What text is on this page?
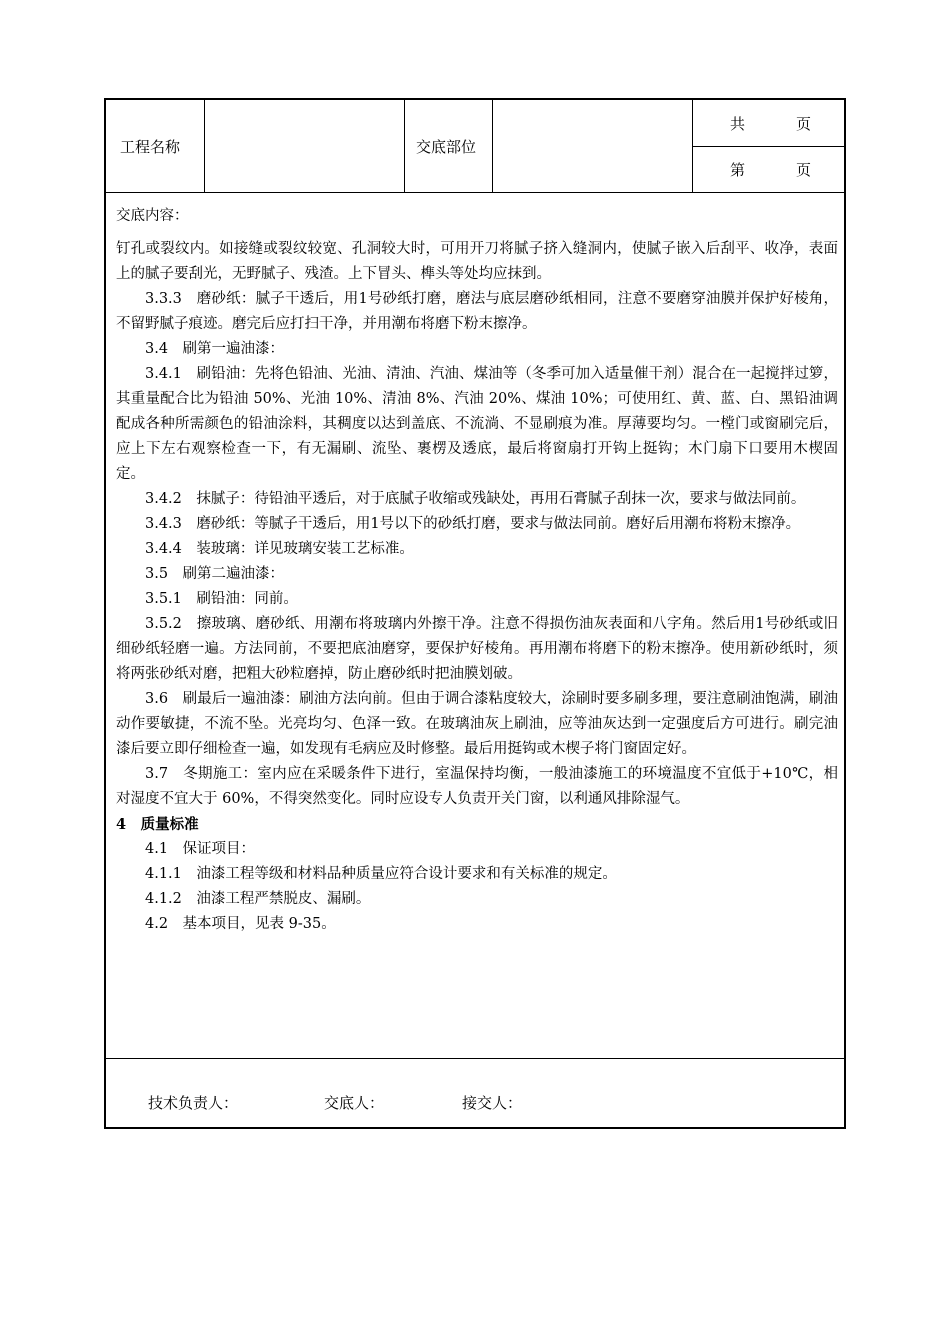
工程名称	交底部位
共	页
第	页

交底内容：

钉孔或裂纹内。如接缝或裂纹较宽、孔洞较大时，可用开刀将腻子挤入缝洞内，使腻子嵌入后刮平、收净，表面上的腻子要刮光，无野腻子、残渣。上下冒头、榫头等处均应抹到。

3.3.3　磨砂纸：腻子干透后，用1号砂纸打磨，磨法与底层磨砂纸相同，注意不要磨穿油膜并保护好棱角，不留野腻子痕迹。磨完后应打扫干净，并用潮布将磨下粉末擦净。

3.4　刷第一遍油漆：

3.4.1　刷铅油：先将色铅油、光油、清油、汽油、煤油等（冬季可加入适量催干剂）混合在一起搅拌过箩，其重量配合比为铅油 50%、光油 10%、清油 8%、汽油 20%、煤油 10%；可使用红、黄、蓝、白、黑铅油调配成各种所需颜色的铅油涂料，其稠度以达到盖底、不流淌、不显刷痕为准。厚薄要均匀。一樘门或窗刷完后，应上下左右观察检查一下，有无漏刷、流坠、裹楞及透底，最后将窗扇打开钩上挺钩；木门扇下口要用木楔固定。

3.4.2　抹腻子：待铅油平透后，对于底腻子收缩或残缺处，再用石膏腻子刮抹一次，要求与做法同前。

3.4.3　磨砂纸：等腻子干透后，用1号以下的砂纸打磨，要求与做法同前。磨好后用潮布将粉末擦净。

3.4.4　装玻璃：详见玻璃安装工艺标准。

3.5　刷第二遍油漆：

3.5.1　刷铅油：同前。

3.5.2　擦玻璃、磨砂纸、用潮布将玻璃内外擦干净。注意不得损伤油灰表面和八字角。然后用1号砂纸或旧细砂纸轻磨一遍。方法同前，不要把底油磨穿，要保护好棱角。再用潮布将磨下的粉末擦净。使用新砂纸时，须将两张砂纸对磨，把粗大砂粒磨掉，防止磨砂纸时把油膜划破。

3.6　刷最后一遍油漆：刷油方法向前。但由于调合漆粘度较大，涂刷时要多刷多理，要注意刷油饱满，刷油动作要敏捷，不流不坠。光亮均匀、色泽一致。在玻璃油灰上刷油，应等油灰达到一定强度后方可进行。刷完油漆后要立即仔细检查一遍，如发现有毛病应及时修整。最后用挺钩或木楔子将门窗固定好。

3.7　冬期施工：室内应在采暖条件下进行，室温保持均衡，一般油漆施工的环境温度不宜低于+10℃，相对湿度不宜大于 60%，不得突然变化。同时应设专人负责开关门窗，以利通风排除湿气。

4　质量标准

4.1　保证项目：

4.1.1　油漆工程等级和材料品种质量应符合设计要求和有关标准的规定。

4.1.2　油漆工程严禁脱皮、漏刷。

4.2　基本项目，见表 9-35。

技术负责人：	交底人：	接交人：
